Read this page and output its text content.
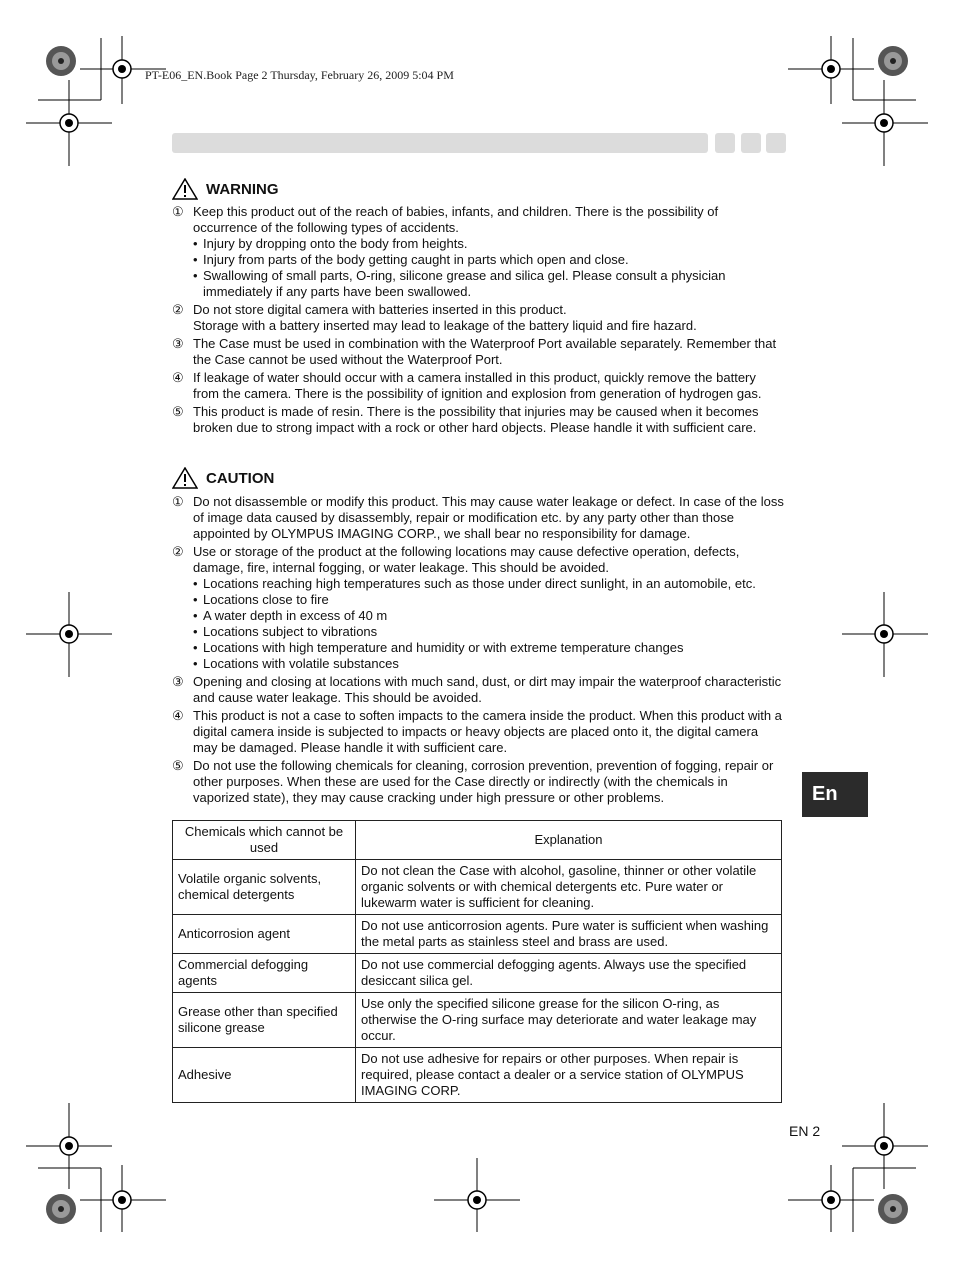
PT-E06_EN.Book Page 2 Thursday, February 26, 2009 5:04 PM
WARNING
① Keep this product out of the reach of babies, infants, and children. There is the possibility of occurrence of the following types of accidents.
• Injury by dropping onto the body from heights.
• Injury from parts of the body getting caught in parts which open and close.
• Swallowing of small parts, O-ring, silicone grease and silica gel. Please consult a physician immediately if any parts have been swallowed.
② Do not store digital camera with batteries inserted in this product.
Storage with a battery inserted may lead to leakage of the battery liquid and fire hazard.
③ The Case must be used in combination with the Waterproof Port available separately. Remember that the Case cannot be used without the Waterproof Port.
④ If leakage of water should occur with a camera installed in this product, quickly remove the battery from the camera. There is the possibility of ignition and explosion from generation of hydrogen gas.
⑤ This product is made of resin. There is the possibility that injuries may be caused when it becomes broken due to strong impact with a rock or other hard objects. Please handle it with sufficient care.
CAUTION
① Do not disassemble or modify this product. This may cause water leakage or defect. In case of the loss of image data caused by disassembly, repair or modification etc. by any party other than those appointed by OLYMPUS IMAGING CORP., we shall bear no responsibility for damage.
② Use or storage of the product at the following locations may cause defective operation, defects, damage, fire, internal fogging, or water leakage. This should be avoided.
• Locations reaching high temperatures such as those under direct sunlight, in an automobile, etc.
• Locations close to fire
• A water depth in excess of 40 m
• Locations subject to vibrations
• Locations with high temperature and humidity or with extreme temperature changes
• Locations with volatile substances
③ Opening and closing at locations with much sand, dust, or dirt may impair the waterproof characteristic and cause water leakage. This should be avoided.
④ This product is not a case to soften impacts to the camera inside the product. When this product with a digital camera inside is subjected to impacts or heavy objects are placed onto it, the digital camera may be damaged. Please handle it with sufficient care.
⑤ Do not use the following chemicals for cleaning, corrosion prevention, prevention of fogging, repair or other purposes. When these are used for the Case directly or indirectly (with the chemicals in vaporized state), they may cause cracking under high pressure or other problems.
Chemicals which cannot be used	Explanation
Volatile organic solvents, chemical detergents	Do not clean the Case with alcohol, gasoline, thinner or other volatile organic solvents or with chemical detergents etc. Pure water or lukewarm water is sufficient for cleaning.
Anticorrosion agent	Do not use anticorrosion agents. Pure water is sufficient when washing the metal parts as stainless steel and brass are used.
Commercial defogging agents	Do not use commercial defogging agents. Always use the specified desiccant silica gel.
Grease other than specified silicone grease	Use only the specified silicone grease for the silicon O-ring, as otherwise the O-ring surface may deteriorate and water leakage may occur.
Adhesive	Do not use adhesive for repairs or other purposes. When repair is required, please contact a dealer or a service station of OLYMPUS IMAGING CORP.
En
EN 2
